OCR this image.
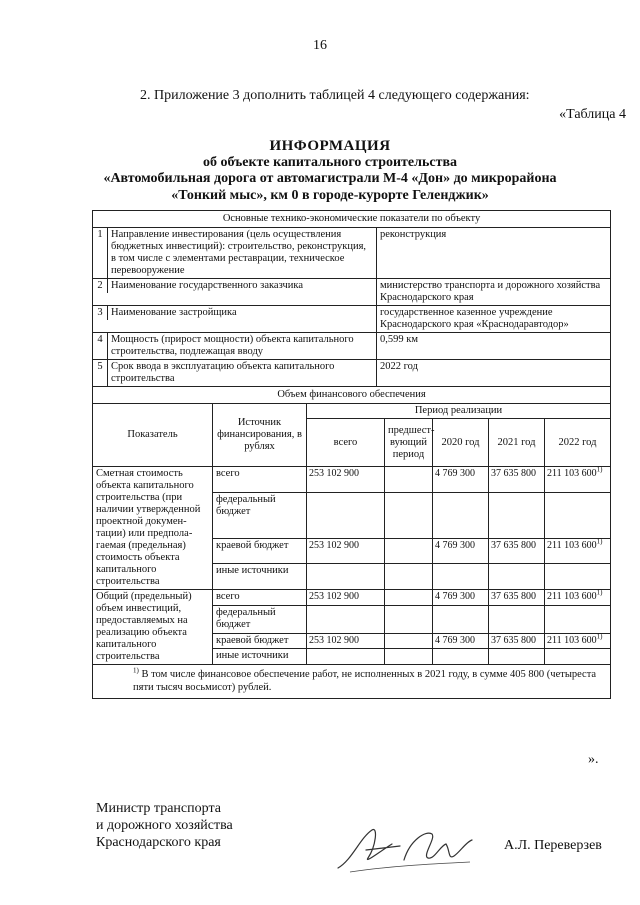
16
2. Приложение 3 дополнить таблицей 4 следующего содержания:
«Таблица 4
ИНФОРМАЦИЯ
об объекте капитального строительства
«Автомобильная дорога от автомагистрали М-4 «Дон» до микрорайона
«Тонкий мыс», км 0 в городе-курорте Геленджик»
Основные технико-экономические показатели по объекту							

1 Направление инвестирования (цель осуществления бюджетных инвестиций): строительство, реконструкция, в том числе с элементами реставрации, техническое перевооружение			реконструкция				

2 Наименование государственного заказчика			министерство транспорта и дорожного хозяйства Краснодарского края				

3 Наименование застройщика			государственное казенное учреждение Краснодарского края «Краснодаравтодор»				

4 Мощность (прирост мощности) объекта капитального строительства, подлежащая вводу			0,599 км				

5 Срок ввода в эксплуатацию объекта капитального строительства			2022 год				
Объем финансового обеспечения							
Показатель	Источник финансирования, в рублях	Период реализации					
		всего		предшест-вующий период	2020 год	2021 год	2022 год
Сметная стоимость объекта капитального строительства (при наличии утвержденной проектной докумен-тации) или предпола-гаемая (предельная) стоимость объекта капитального строительства	всего	253 102 900			4 769 300	37 635 800	211 103 600$^{1)}$
	федеральный бюджет						
	краевой бюджет	253 102 900			4 769 300	37 635 800	211 103 600$^{1)}$
	иные источники						
Общий (предельный) объем инвестиций, предоставляемых на реализацию объекта капитального строительства	всего	253 102 900			4 769 300	37 635 800	211 103 600$^{1)}$
	федеральный бюджет						
	краевой бюджет	253 102 900			4 769 300	37 635 800	211 103 600$^{1)}$
	иные источники						
$^{1)}$ В том числе финансовое обеспечение работ, не исполненных в 2021 году, в сумме 405 800 (четыреста пяти тысяч восьмисот) рублей.							
».
Министр транспорта
и дорожного хозяйства
Краснодарского края	А.Л. Переверзев
